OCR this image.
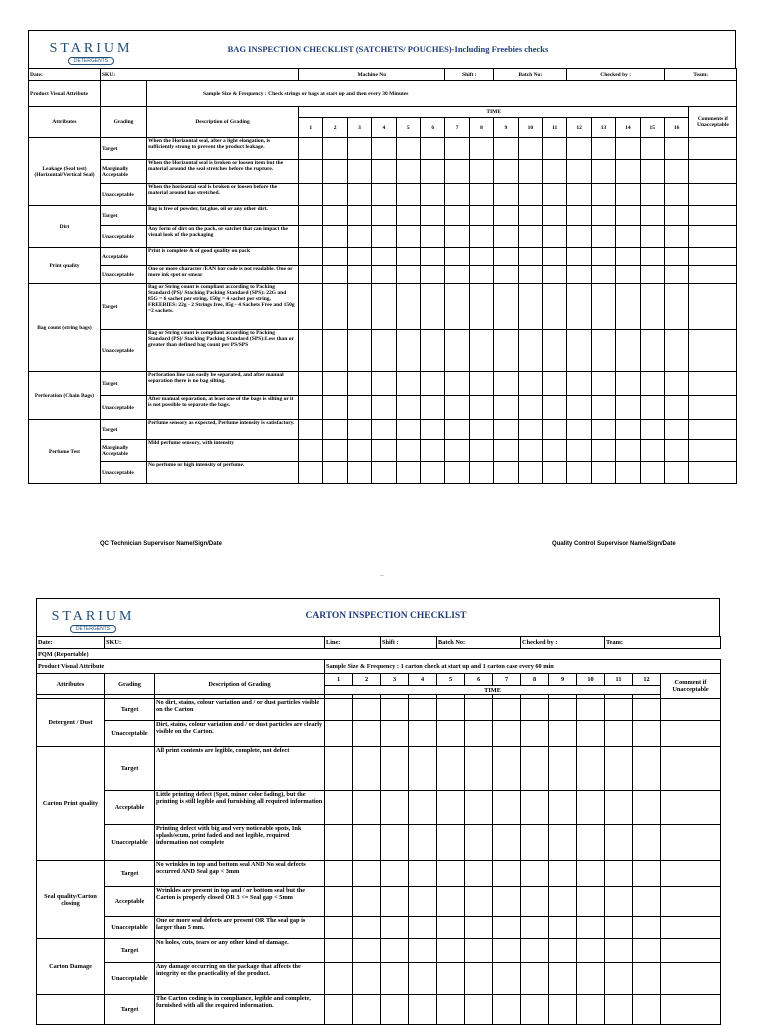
STARIUM
DETERGENTS
BAG INSPECTION CHECKLIST (SATCHETS/ POUCHES)-Including Freebies checks
Date:	SKU:		Machine No						Shift :		Batch No:			Checked by :				Team:	
Product Visual Attribute		Sample Size & Frequency : Check strings or bags at start up and then every 30 Minutes																	
Attributes	Grading	Description of Grading	TIME																Comments if Unacceptable
			1	2	3	4	5	6	7	8	9	10	11	12	13	14	15	16	
Leakage (Seal test) (Horizontal/Vertical Seal)	Target	When the Horizontal seal, after a light elongation, is sufficiently strong to prevent the product leakage.																	
	Marginally Acceptable	When the Horizontal seal is broken or loosen item but the material around the seal stretches before the rupture.																	
	Unacceptable	When the horizontal seal is broken or loosen before the material around has stretched.																	
Dirt	Target	Bag is free of powder, fat,glue, oil or any other dirt.																	
	Unacceptable	Any form of dirt on the pack, or satchet that can impact the visual look of the packaging																	
Print quality	Acceptable	Print is complete & of good quality on pack																	
	Unacceptable	One or more character /EAN bar code is not readable. One or more ink spot or smear																	
Bag count (string bags)	Target	Bag or String count is compliant according to Packing Standard (PS)/ Stacking Packing Standard (SPS): 22G and 85G = 6 sachet per string, 150g = 4 sachet per string, FREEBIES: 22g - 2 Strings free, 85g - 4 Sachets Free and 150g =2 sachets.																	
	Unacceptable	Bag or String count is compliant according to Packing Standard (PS)/ Stacking Packing Standard (SPS):Less than or greater than defined bag count per PS/SPS																	
Perforation (Chain Bags)	Target	Perforation line can easily be separated, and after manual separation there is no bag silting.																	
	Unacceptable	After manual separation, at least one of the bags is silting or it is not possible to separate the bags.																	
Perfume Test	Target	Perfume sensory as expected, Perfume intensity is satisfactory.																	
	Marginally Acceptable	Mild perfume sensory, with intensity																	
	Unacceptable	No perfume or high intensity of perfume.																	
QC Technician Supervisor Name/Sign/Date	Quality Control Supervisor Name/Sign/Date
STARIUM
DETERGENTS
CARTON INSPECTION CHECKLIST
Date:	SKU:		Line:		Shift :		Batch No:			Checked by :			Team:		
PQM (Reportable)															
Product Visual Attribute			Sample Size & Frequency : 1 carton check at start up and 1 carton case every 60 min												
Attributes	Grading	Description of Grading	1	2	3	4	5	6	7	8	9	10	11	12	Comment if Unacceptable
			TIME												

Detergent / Dust	Target	No dirt, stains, colour variation and / or dust particles visible on the Carton													
	Unacceptable	Dirt, stains, colour variation and / or dust particles are clearly visible on the Carton.													
Carton Print quality	Target	All print contents are legible, complete, not defect													
	Acceptable	Little printing defect (Spot, minor color fading), but the printing is still legible and furnishing all required information													
	Unacceptable	Printing defect with big and very noticeable spots, Ink splash/scum, print faded and not legible, required information not complete													
Seal quality/Carton closing	Target	No wrinkles in top and bottom seal AND No seal defects occurred AND Seal gap < 3mm													
	Acceptable	Wrinkles are present in top and / or bottom seal but the Carton is properly closed OR 3 <= Seal gap < 5mm													
	Unacceptable	One or more seal defects are present OR The seal gap is larger than 5 mm.													
Carton Damage	Target	No holes, cuts, tears or any other kind of damage.													
	Unacceptable	Any damage occurring on the package that affects the integrity or the practicality of the product.													
	Target	The Carton coding is in compliance, legible and complete, furnished with all the required information.													
–
